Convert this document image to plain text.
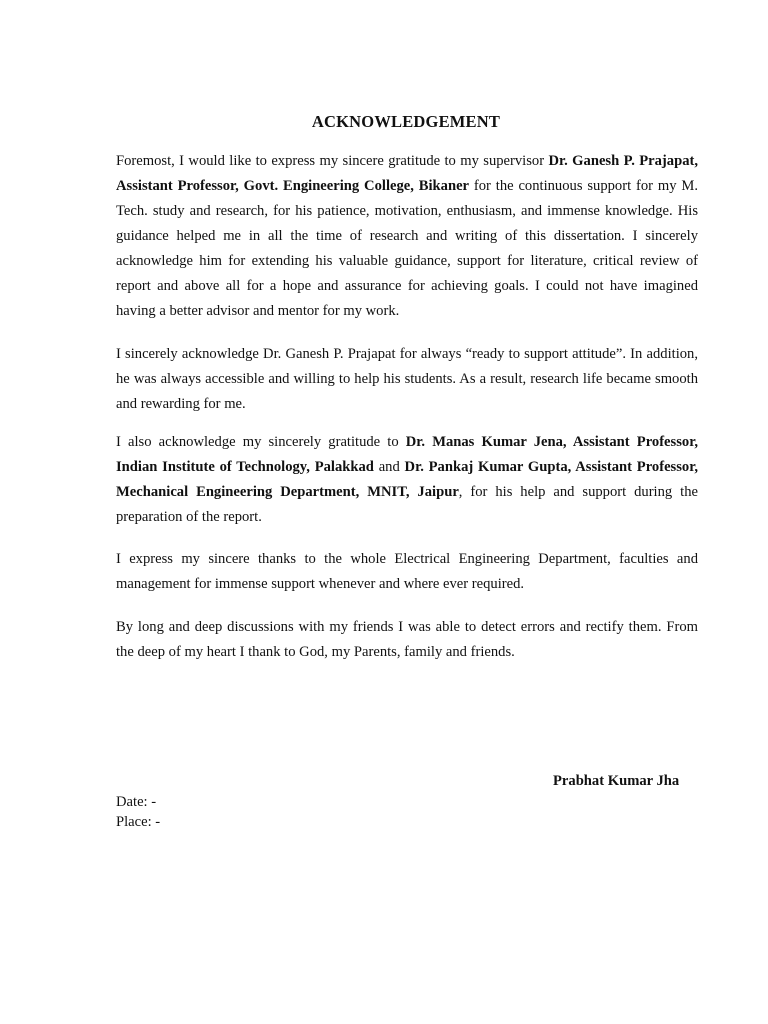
ACKNOWLEDGEMENT

Foremost, I would like to express my sincere gratitude to my supervisor Dr. Ganesh P. Prajapat, Assistant Professor, Govt. Engineering College, Bikaner for the continuous support for my M. Tech. study and research, for his patience, motivation, enthusiasm, and immense knowledge. His guidance helped me in all the time of research and writing of this dissertation. I sincerely acknowledge him for extending his valuable guidance, support for literature, critical review of report and above all for a hope and assurance for achieving goals. I could not have imagined having a better advisor and mentor for my work.

I sincerely acknowledge Dr. Ganesh P. Prajapat for always “ready to support attitude”. In addition, he was always accessible and willing to help his students. As a result, research life became smooth and rewarding for me.

I also acknowledge my sincerely gratitude to Dr. Manas Kumar Jena, Assistant Professor, Indian Institute of Technology, Palakkad and Dr. Pankaj Kumar Gupta, Assistant Professor, Mechanical Engineering Department, MNIT, Jaipur, for his help and support during the preparation of the report.

I express my sincere thanks to the whole Electrical Engineering Department, faculties and management for immense support whenever and where ever required.

By long and deep discussions with my friends I was able to detect errors and rectify them. From the deep of my heart I thank to God, my Parents, family and friends.

Prabhat Kumar Jha
Date: -
Place: -
